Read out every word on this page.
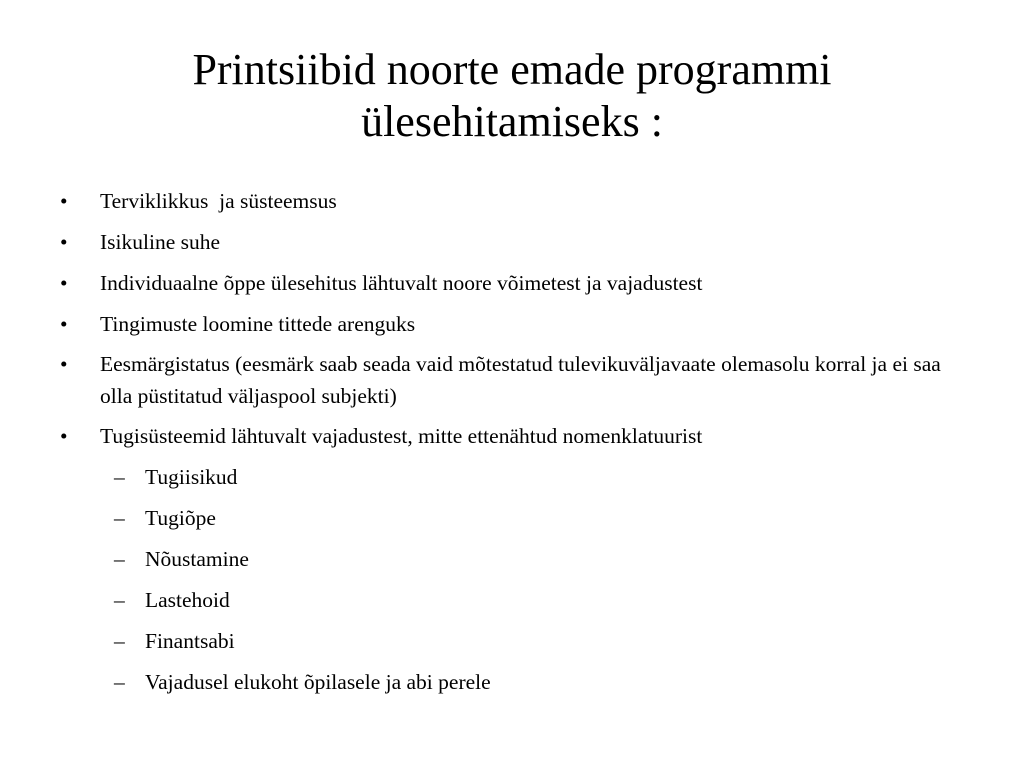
Printsiibid noorte emade programmi ülesehitamiseks :
• Terviklikkus  ja süsteemsus
• Isikuline suhe
• Individuaalne õppe ülesehitus lähtuvalt noore võimetest ja vajadustest
• Tingimuste loomine tittede arenguks
• Eesmärgistatus (eesmärk saab seada vaid mõtestatud tulevikuväljavaate olemasolu korral ja ei saa olla püstitatud väljaspool subjekti)
• Tugisüsteemid lähtuvalt vajadustest, mitte ettenähtud nomenklatuurist
– Tugiisikud
– Tugiõpe
– Nõustamine
– Lastehoid
– Finantsabi
– Vajadusel elukoht õpilasele ja abi perele
